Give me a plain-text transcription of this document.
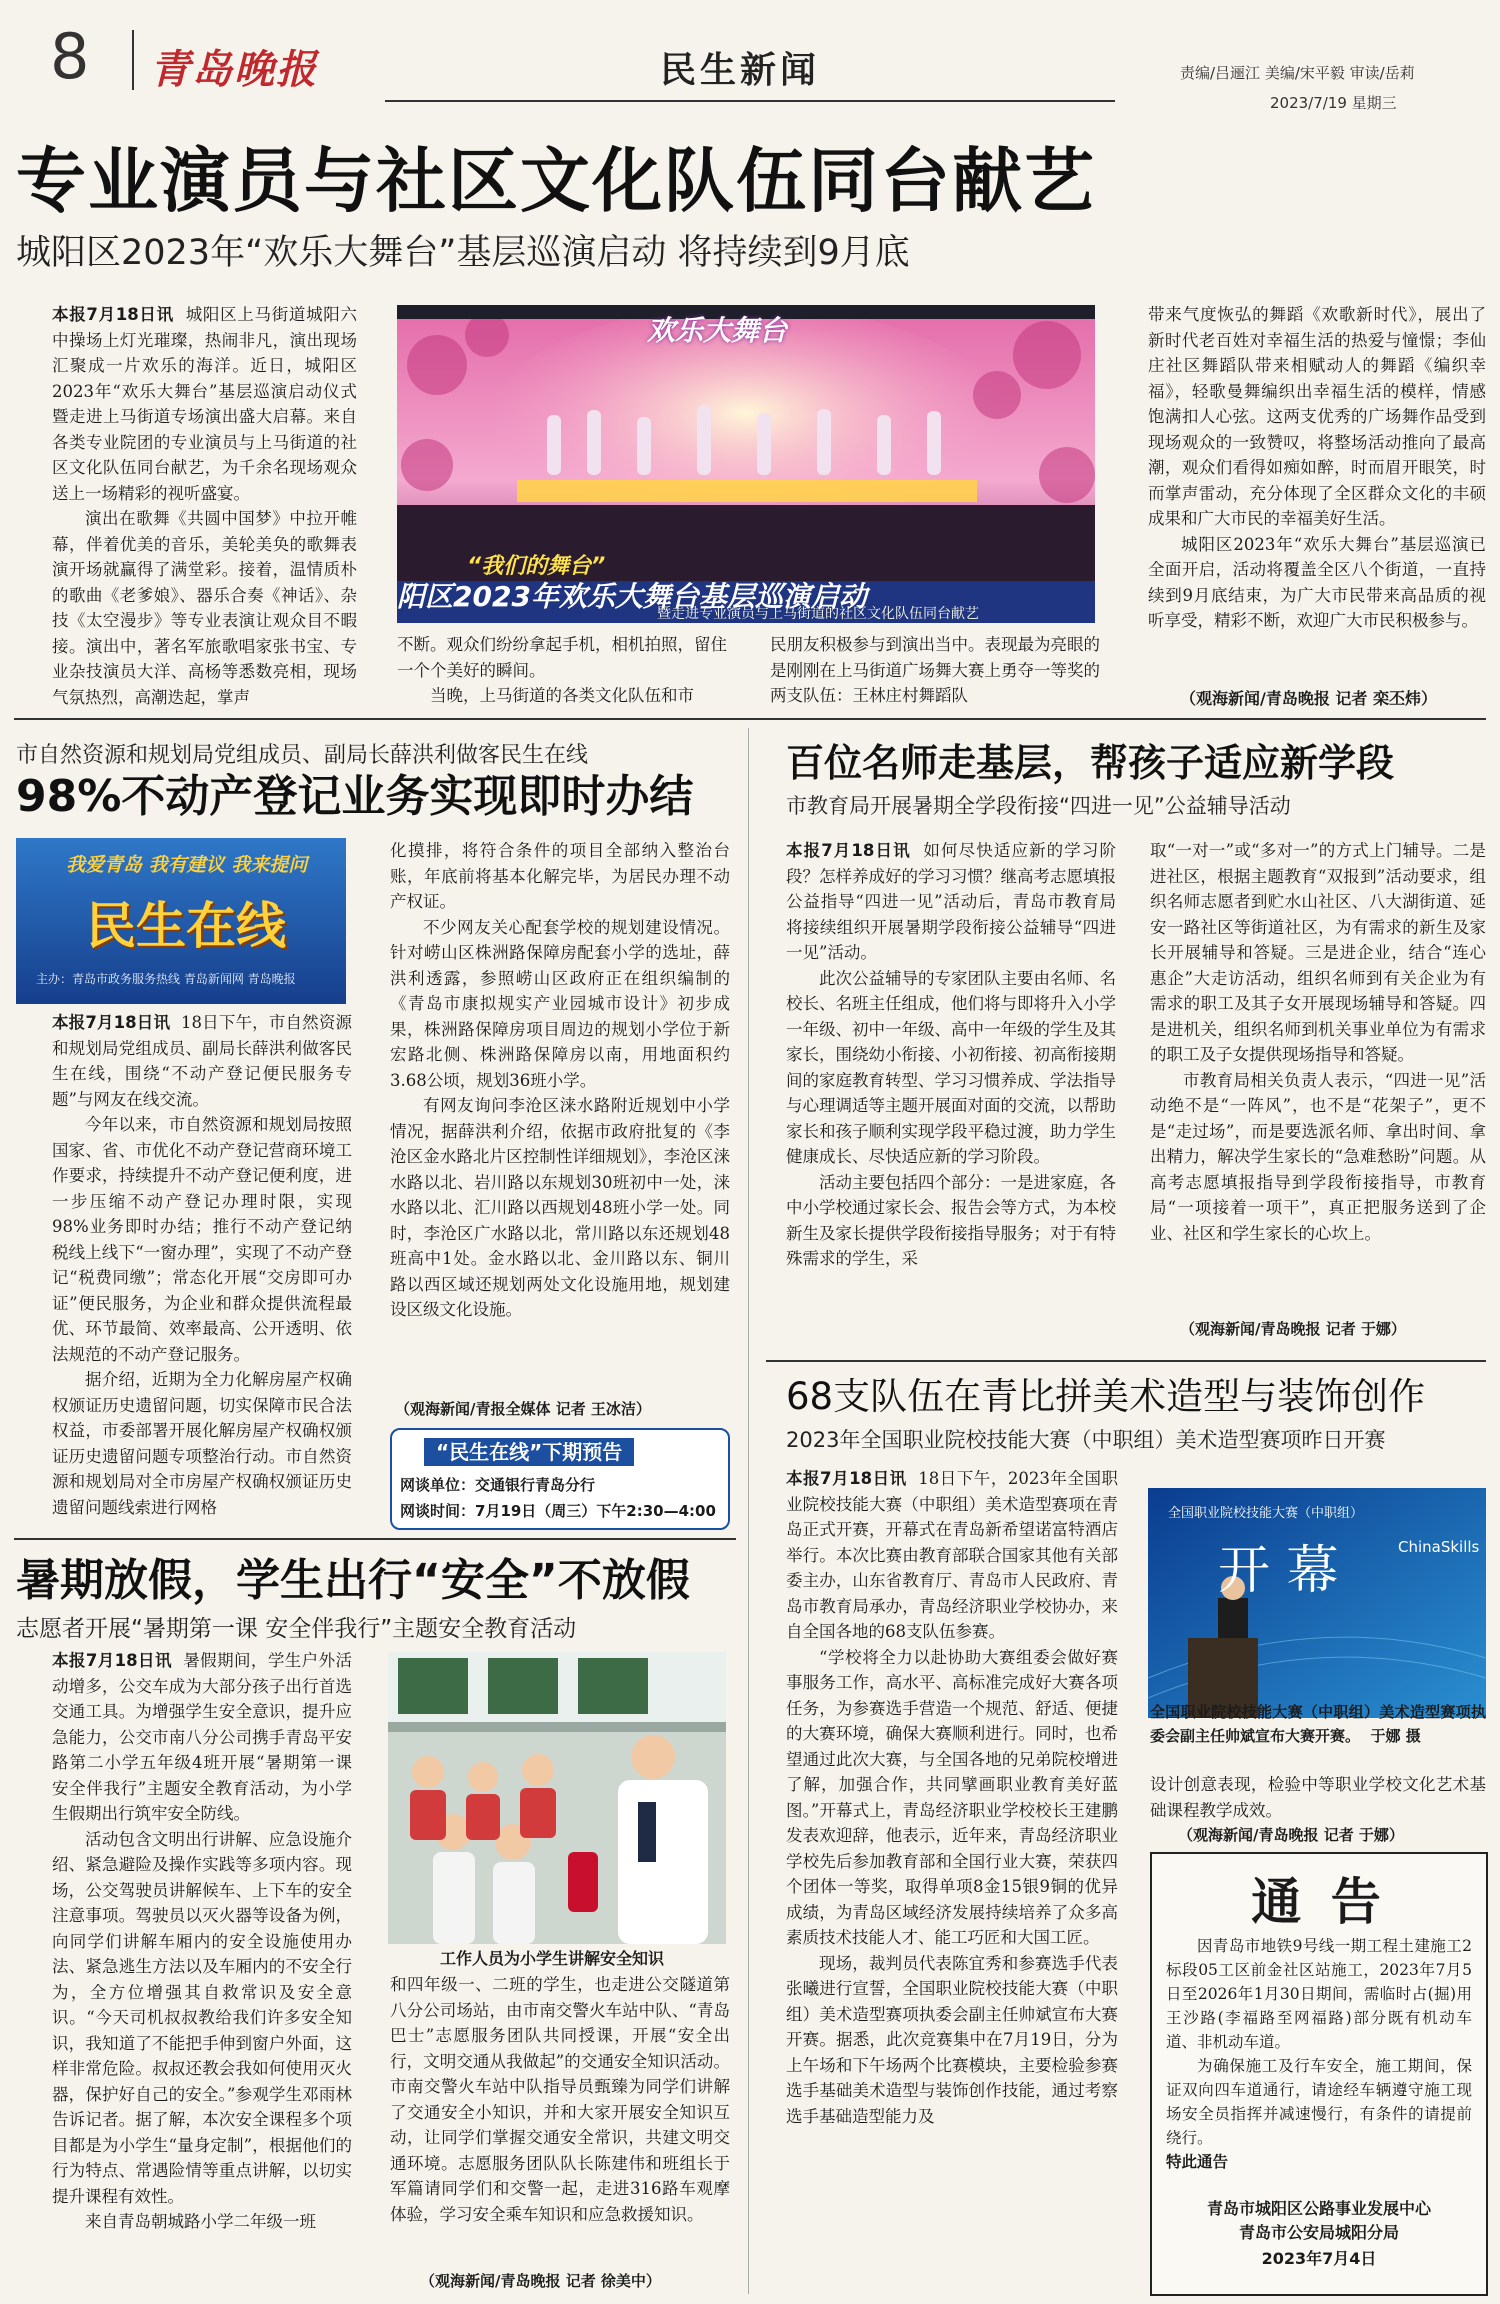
8 青岛晚报	民生新闻	责编/吕逦江 美编/宋平毅 审读/岳莉
2023/7/19 星期三
专业演员与社区文化队伍同台献艺
城阳区2023年“欢乐大舞台”基层巡演启动 将持续到9月底

本报7月18日讯 城阳区上马街道城阳六中操场上灯光璀璨，热闹非凡，演出现场汇聚成一片欢乐的海洋。近日，城阳区2023年“欢乐大舞台”基层巡演启动仪式暨走进上马街道专场演出盛大启幕。来自各类专业院团的专业演员与上马街道的社区文化队伍同台献艺，为千余名现场观众送上一场精彩的视听盛宴。

演出在歌舞《共圆中国梦》中拉开帷幕，伴着优美的音乐，美轮美奂的歌舞表演开场就赢得了满堂彩。接着，温情质朴的歌曲《老爹娘》、器乐合奏《神话》、杂技《太空漫步》等专业表演让观众目不暇接。演出中，著名军旅歌唱家张书宝、专业杂技演员大洋、高杨等悉数亮相，现场气氛热烈，高潮迭起，掌声

“我们的舞台”
欢乐大舞台
阳区2023年欢乐大舞台基层巡演启动
暨走进专业演员与上马街道的社区文化队伍同台献艺

不断。观众们纷纷拿起手机，相机拍照，留住一个个美好的瞬间。

当晚，上马街道的各类文化队伍和市

民朋友积极参与到演出当中。表现最为亮眼的是刚刚在上马街道广场舞大赛上勇夺一等奖的两支队伍：王林庄村舞蹈队

带来气度恢弘的舞蹈《欢歌新时代》，展出了新时代老百姓对幸福生活的热爱与憧憬；李仙庄社区舞蹈队带来相赋动人的舞蹈《编织幸福》，轻歌曼舞编织出幸福生活的模样，情感饱满扣人心弦。这两支优秀的广场舞作品受到现场观众的一致赞叹，将整场活动推向了最高潮，观众们看得如痴如醉，时而眉开眼笑，时而掌声雷动，充分体现了全区群众文化的丰硕成果和广大市民的幸福美好生活。

城阳区2023年“欢乐大舞台”基层巡演已全面开启，活动将覆盖全区八个街道，一直持续到9月底结束，为广大市民带来高品质的视听享受，精彩不断，欢迎广大市民积极参与。

（观海新闻/青岛晚报 记者 栾丕炜）
市自然资源和规划局党组成员、副局长薛洪利做客民生在线
98%不动产登记业务实现即时办结
我爱青岛 我有建议 我来提问
民生在线
主办：青岛市政务服务热线 青岛新闻网 青岛晚报

本报7月18日讯 18日下午，市自然资源和规划局党组成员、副局长薛洪利做客民生在线，围绕“不动产登记便民服务专题”与网友在线交流。

今年以来，市自然资源和规划局按照国家、省、市优化不动产登记营商环境工作要求，持续提升不动产登记便利度，进一步压缩不动产登记办理时限，实现98%业务即时办结；推行不动产登记纳税线上线下“一窗办理”，实现了不动产登记“税费同缴”；常态化开展“交房即可办证”便民服务，为企业和群众提供流程最优、环节最简、效率最高、公开透明、依法规范的不动产登记服务。

据介绍，近期为全力化解房屋产权确权颁证历史遗留问题，切实保障市民合法权益，市委部署开展化解房屋产权确权颁证历史遗留问题专项整治行动。市自然资源和规划局对全市房屋产权确权颁证历史遗留问题线索进行网格

化摸排，将符合条件的项目全部纳入整治台账，年底前将基本化解完毕，为居民办理不动产权证。

不少网友关心配套学校的规划建设情况。针对崂山区株洲路保障房配套小学的选址，薛洪利透露，参照崂山区政府正在组织编制的《青岛市康拟规实产业园城市设计》初步成果，株洲路保障房项目周边的规划小学位于新宏路北侧、株洲路保障房以南，用地面积约3.68公顷，规划36班小学。

有网友询问李沧区涞水路附近规划中小学情况，据薛洪利介绍，依据市政府批复的《李沧区金水路北片区控制性详细规划》，李沧区涞水路以北、岩川路以东规划30班初中一处，涞水路以北、汇川路以西规划48班小学一处。同时，李沧区广水路以北，常川路以东还规划48班高中1处。金水路以北、金川路以东、铜川路以西区域还规划两处文化设施用地，规划建设区级文化设施。

（观海新闻/青报全媒体 记者 王冰洁）
“民生在线”下期预告
网谈单位：交通银行青岛分行
网谈时间：7月19日（周三）下午2:30—4:00
暑期放假，学生出行“安全”不放假
志愿者开展“暑期第一课 安全伴我行”主题安全教育活动

本报7月18日讯 暑假期间，学生户外活动增多，公交车成为大部分孩子出行首选交通工具。为增强学生安全意识，提升应急能力，公交市南八分公司携手青岛平安路第二小学五年级4班开展“暑期第一课 安全伴我行”主题安全教育活动，为小学生假期出行筑牢安全防线。

活动包含文明出行讲解、应急设施介绍、紧急避险及操作实践等多项内容。现场，公交驾驶员讲解候车、上下车的安全注意事项。驾驶员以灭火器等设备为例，向同学们讲解车厢内的安全设施使用办法、紧急逃生方法以及车厢内的不安全行为，全方位增强其自救常识及安全意识。“今天司机叔叔教给我们许多安全知识，我知道了不能把手伸到窗户外面，这样非常危险。叔叔还教会我如何使用灭火器，保护好自己的安全。”参观学生邓雨林告诉记者。据了解，本次安全课程多个项目都是为小学生“量身定制”，根据他们的行为特点、常遇险情等重点讲解，以切实提升课程有效性。

来自青岛朝城路小学二年级一班

工作人员为小学生讲解安全知识

和四年级一、二班的学生，也走进公交隧道第八分公司场站，由市南交警火车站中队、“青岛巴士”志愿服务团队共同授课，开展“安全出行，文明交通从我做起”的交通安全知识活动。市南交警火车站中队指导员甄臻为同学们讲解了交通安全小知识，并和大家开展安全知识互动，让同学们掌握交通安全常识，共建文明交通环境。志愿服务团队队长陈建伟和班组长于军篇请同学们和交警一起，走进316路车观摩体验，学习安全乘车知识和应急救援知识。

（观海新闻/青岛晚报 记者 徐美中）
百位名师走基层，帮孩子适应新学段
市教育局开展暑期全学段衔接“四进一见”公益辅导活动

本报7月18日讯 如何尽快适应新的学习阶段？怎样养成好的学习习惯？继高考志愿填报公益指导“四进一见”活动后，青岛市教育局将接续组织开展暑期学段衔接公益辅导“四进一见”活动。

此次公益辅导的专家团队主要由名师、名校长、名班主任组成，他们将与即将升入小学一年级、初中一年级、高中一年级的学生及其家长，围绕幼小衔接、小初衔接、初高衔接期间的家庭教育转型、学习习惯养成、学法指导与心理调适等主题开展面对面的交流，以帮助家长和孩子顺利实现学段平稳过渡，助力学生健康成长、尽快适应新的学习阶段。

活动主要包括四个部分：一是进家庭，各中小学校通过家长会、报告会等方式，为本校新生及家长提供学段衔接指导服务；对于有特殊需求的学生，采

取“一对一”或“多对一”的方式上门辅导。二是进社区，根据主题教育“双报到”活动要求，组织名师志愿者到贮水山社区、八大湖街道、延安一路社区等街道社区，为有需求的新生及家长开展辅导和答疑。三是进企业，结合“连心惠企”大走访活动，组织名师到有关企业为有需求的职工及其子女开展现场辅导和答疑。四是进机关，组织名师到机关事业单位为有需求的职工及子女提供现场指导和答疑。

市教育局相关负责人表示，“四进一见”活动绝不是“一阵风”，也不是“花架子”，更不是“走过场”，而是要选派名师、拿出时间、拿出精力，解决学生家长的“急难愁盼”问题。从高考志愿填报指导到学段衔接指导，市教育局“一项接着一项干”，真正把服务送到了企业、社区和学生家长的心坎上。

（观海新闻/青岛晚报 记者 于娜）
68支队伍在青比拼美术造型与装饰创作
2023年全国职业院校技能大赛（中职组）美术造型赛项昨日开赛

本报7月18日讯 18日下午，2023年全国职业院校技能大赛（中职组）美术造型赛项在青岛正式开赛，开幕式在青岛新希望诺富特酒店举行。本次比赛由教育部联合国家其他有关部委主办，山东省教育厅、青岛市人民政府、青岛市教育局承办，青岛经济职业学校协办，来自全国各地的68支队伍参赛。

“学校将全力以赴协助大赛组委会做好赛事服务工作，高水平、高标准完成好大赛各项任务，为参赛选手营造一个规范、舒适、便捷的大赛环境，确保大赛顺利进行。同时，也希望通过此次大赛，与全国各地的兄弟院校增进了解，加强合作，共同擘画职业教育美好蓝图。”开幕式上，青岛经济职业学校校长王建鹏发表欢迎辞，他表示，近年来，青岛经济职业学校先后参加教育部和全国行业大赛，荣获四个团体一等奖，取得单项8金15银9铜的优异成绩，为青岛区域经济发展持续培养了众多高素质技术技能人才、能工巧匠和大国工匠。

现场，裁判员代表陈宜秀和参赛选手代表张曦进行宣誓，全国职业院校技能大赛（中职组）美术造型赛项执委会副主任帅斌宣布大赛开赛。据悉，此次竞赛集中在7月19日，分为上午场和下午场两个比赛模块，主要检验参赛选手基础美术造型与装饰创作技能，通过考察选手基础造型能力及

全国职业院校技能大赛（中职组）
开 幕	ChinaSkills

全国职业院校技能大赛（中职组）美术造型赛项执委会副主任帅斌宣布大赛开赛。 于娜 摄

设计创意表现，检验中等职业学校文化艺术基础课程教学成效。

（观海新闻/青岛晚报 记者 于娜）
通 告

因青岛市地铁9号线一期工程土建施工2标段05工区前金社区站施工，2023年7月5日至2026年1月30日期间，需临时占(掘)用王沙路(李福路至网福路)部分既有机动车道、非机动车道。

为确保施工及行车安全，施工期间，保证双向四车道通行，请途经车辆遵守施工现场安全员指挥并减速慢行，有条件的请提前绕行。

特此通告

青岛市城阳区公路事业发展中心
青岛市公安局城阳分局
2023年7月4日
